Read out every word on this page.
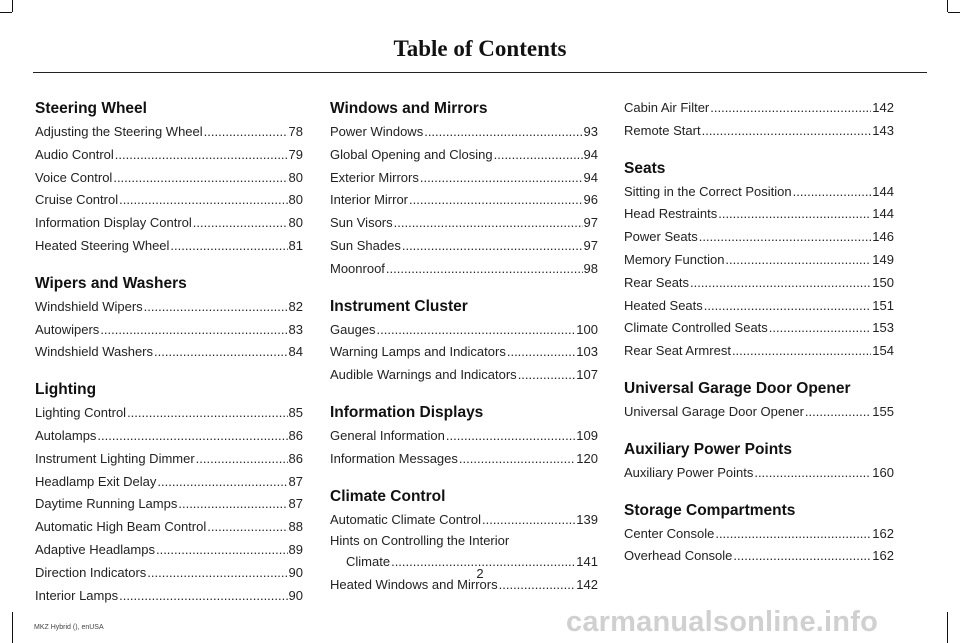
Table of Contents
Steering Wheel
Adjusting the Steering Wheel .....	78
Audio Control .....	79
Voice Control .....	80
Cruise Control .....	80
Information Display Control .....	80
Heated Steering Wheel .....	81
Wipers and Washers
Windshield Wipers .....	82
Autowipers .....	83
Windshield Washers .....	84
Lighting
Lighting Control .....	85
Autolamps .....	86
Instrument Lighting Dimmer .....	86
Headlamp Exit Delay .....	87
Daytime Running Lamps .....	87
Automatic High Beam Control .....	88
Adaptive Headlamps .....	89
Direction Indicators .....	90
Interior Lamps .....	90
Windows and Mirrors
Power Windows .....	93
Global Opening and Closing .....	94
Exterior Mirrors .....	94
Interior Mirror .....	96
Sun Visors .....	97
Sun Shades .....	97
Moonroof .....	98
Instrument Cluster
Gauges .....	100
Warning Lamps and Indicators .....	103
Audible Warnings and Indicators .....	107
Information Displays
General Information .....	109
Information Messages .....	120
Climate Control
Automatic Climate Control .....	139
Hints on Controlling the Interior
Climate .....	141
Heated Windows and Mirrors .....	142
Cabin Air Filter .....	142
Remote Start .....	143
Seats
Sitting in the Correct Position .....	144
Head Restraints .....	144
Power Seats .....	146
Memory Function .....	149
Rear Seats .....	150
Heated Seats .....	151
Climate Controlled Seats .....	153
Rear Seat Armrest .....	154
Universal Garage Door Opener
Universal Garage Door Opener .....	155
Auxiliary Power Points
Auxiliary Power Points .....	160
Storage Compartments
Center Console .....	162
Overhead Console .....	162
2
MKZ Hybrid (), enUSA	carmanualsonline.info
